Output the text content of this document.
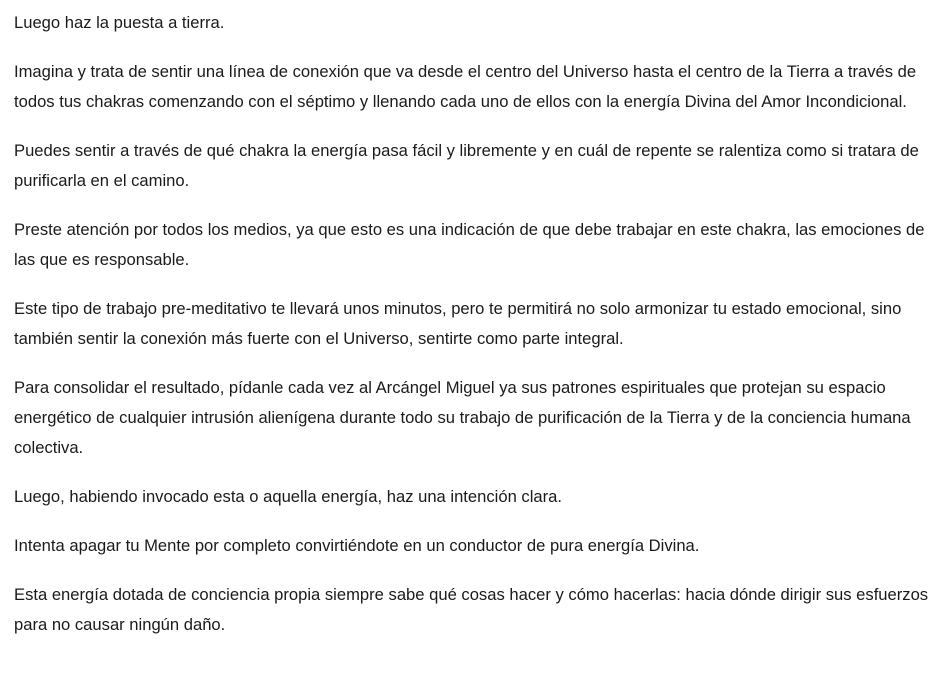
Luego haz la puesta a tierra.

Imagina y trata de sentir una línea de conexión que va desde el centro del Universo hasta el centro de la Tierra a través de todos tus chakras comenzando con el séptimo y llenando cada uno de ellos con la energía Divina del Amor Incondicional.

Puedes sentir a través de qué chakra la energía pasa fácil y libremente y en cuál de repente se ralentiza como si tratara de purificarla en el camino.

Preste atención por todos los medios, ya que esto es una indicación de que debe trabajar en este chakra, las emociones de las que es responsable.

Este tipo de trabajo pre-meditativo te llevará unos minutos, pero te permitirá no solo armonizar tu estado emocional, sino también sentir la conexión más fuerte con el Universo, sentirte como parte integral.

Para consolidar el resultado, pídanle cada vez al Arcángel Miguel ya sus patrones espirituales que protejan su espacio energético de cualquier intrusión alienígena durante todo su trabajo de purificación de la Tierra y de la conciencia humana colectiva.

Luego, habiendo invocado esta o aquella energía, haz una intención clara.

Intenta apagar tu Mente por completo convirtiéndote en un conductor de pura energía Divina.

Esta energía dotada de conciencia propia siempre sabe qué cosas hacer y cómo hacerlas: hacia dónde dirigir sus esfuerzos para no causar ningún daño.
